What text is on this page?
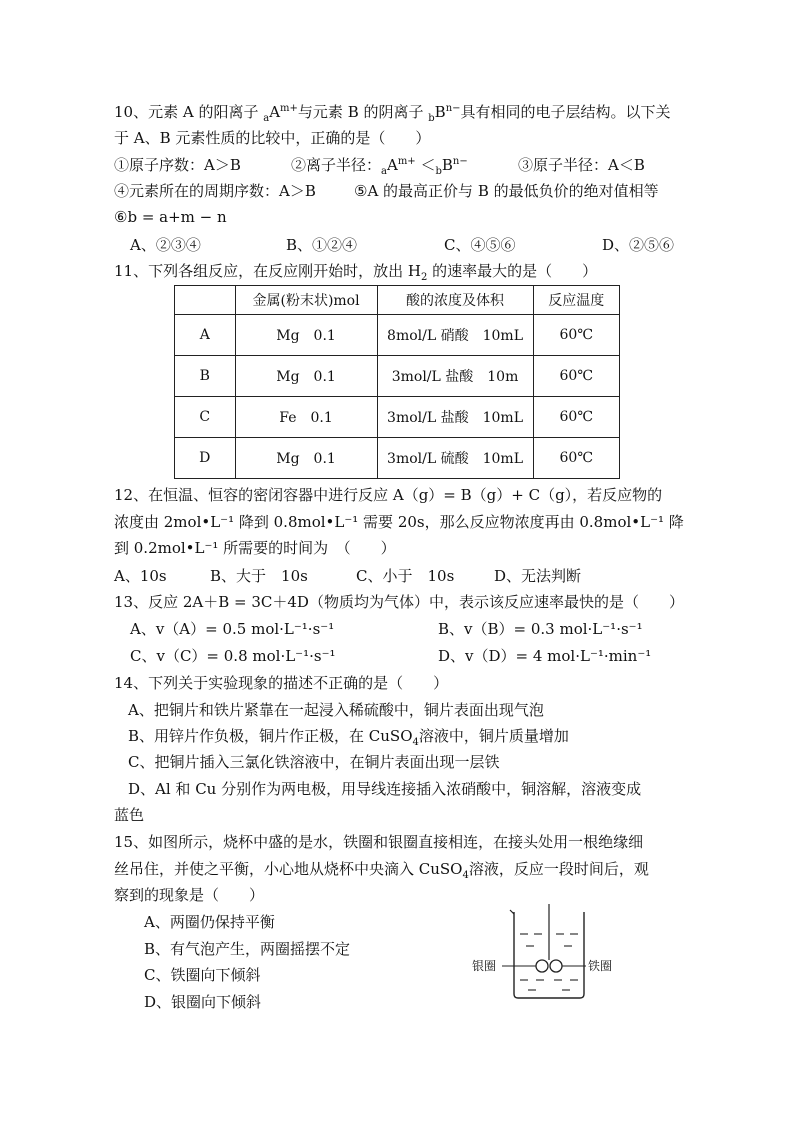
10、元素 A 的阳离子 $_aA^{m+}$与元素 B 的阴离子 $_bB^{n-}$具有相同的电子层结构。以下关
于 A、B 元素性质的比较中，正确的是（　　）
①原子序数：A＞B	②离子半径：$_aA^{m+} <_bB^{n-}$	③原子半径：A＜B
④元素所在的周期序数：A＞B	⑤A 的最高正价与 B 的最低负价的绝对值相等
⑥b = a+m − n
A、②③④	B、①②④	C、④⑤⑥	D、②⑤⑥
11、下列各组反应，在反应刚开始时，放出 $H_2$ 的速率最大的是（　　）
	金属(粉末状)mol	酸的浓度及体积	反应温度
A	Mg　0.1	8mol/L 硝酸　10mL	60℃
B	Mg　0.1	3mol/L 盐酸　10m	60℃
C	Fe　0.1	3mol/L 盐酸　10mL	60℃
D	Mg　0.1	3mol/L 硫酸　10mL	60℃
12、在恒温、恒容的密闭容器中进行反应 A（g）= B（g）+ C（g），若反应物的
浓度由 2mol•L⁻¹ 降到 0.8mol•L⁻¹ 需要 20s，那么反应物浓度再由 0.8mol•L⁻¹ 降
到 0.2mol•L⁻¹ 所需要的时间为　（　　）
A、10s	B、大于　10s	C、小于　10s	D、无法判断
13、反应 2A＋B = 3C＋4D（物质均为气体）中，表示该反应速率最快的是（　　）
A、v（A）= 0.5 mol·L⁻¹·s⁻¹	B、v（B）= 0.3 mol·L⁻¹·s⁻¹
C、v（C）= 0.8 mol·L⁻¹·s⁻¹	D、v（D）= 4 mol·L⁻¹·min⁻¹
14、下列关于实验现象的描述不正确的是（　　）
A、把铜片和铁片紧靠在一起浸入稀硫酸中，铜片表面出现气泡
B、用锌片作负极，铜片作正极，在 CuSO$_4$溶液中，铜片质量增加
C、把铜片插入三氯化铁溶液中，在铜片表面出现一层铁
D、Al 和 Cu 分别作为两电极，用导线连接插入浓硝酸中，铜溶解，溶液变成
蓝色
15、如图所示，烧杯中盛的是水，铁圈和银圈直接相连，在接头处用一根绝缘细
丝吊住，并使之平衡，小心地从烧杯中央滴入 CuSO$_4$溶液，反应一段时间后，观
察到的现象是（　　）
A、两圈仍保持平衡
B、有气泡产生，两圈摇摆不定
C、铁圈向下倾斜
D、银圈向下倾斜
银圈	铁圈
